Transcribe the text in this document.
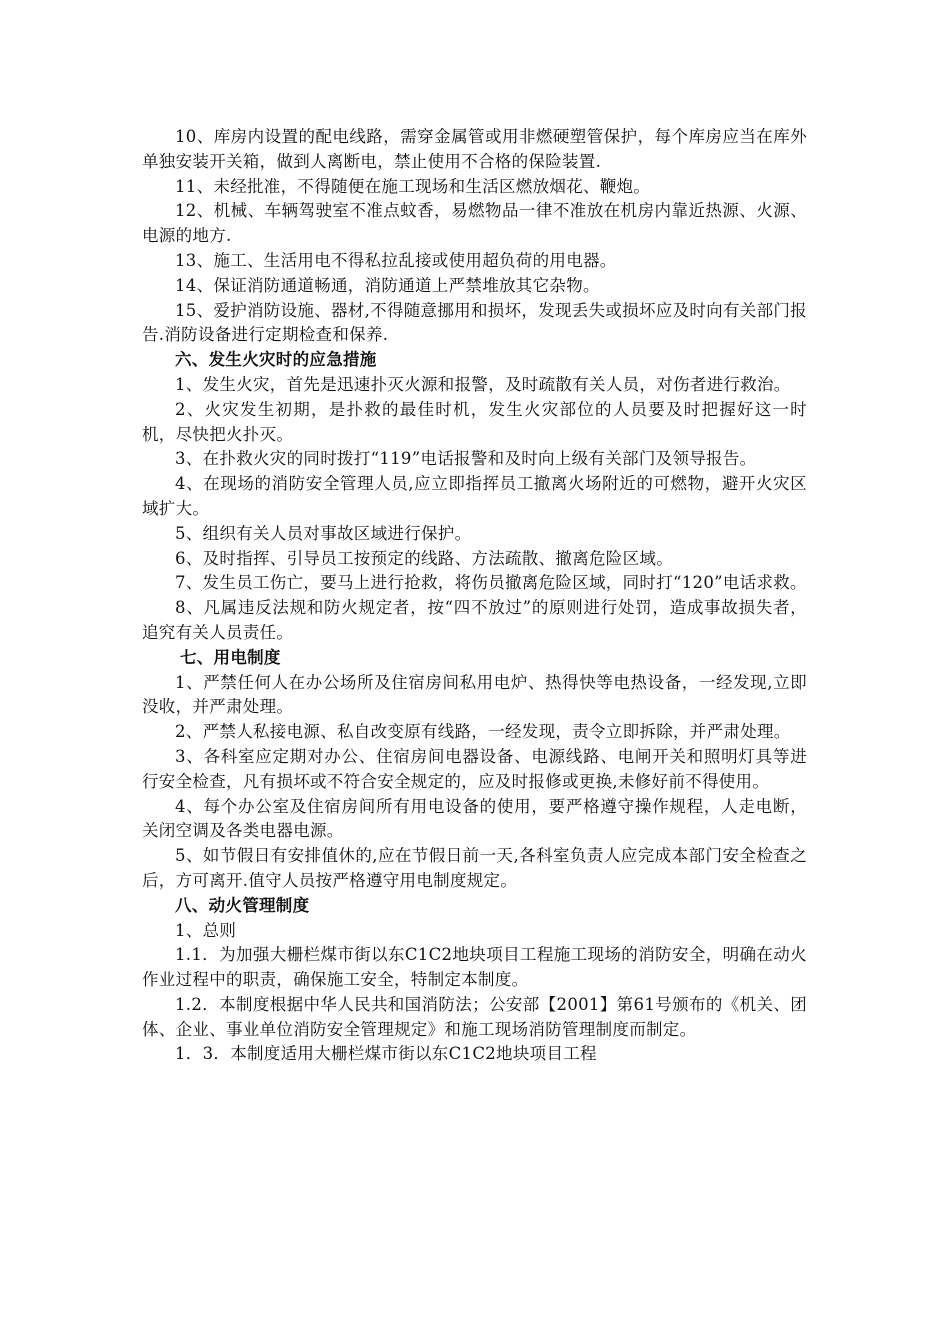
10、库房内设置的配电线路，需穿金属管或用非燃硬塑管保护，每个库房应当在库外单独安装开关箱，做到人离断电，禁止使用不合格的保险装置.

11、未经批准，不得随便在施工现场和生活区燃放烟花、鞭炮。

12、机械、车辆驾驶室不准点蚊香，易燃物品一律不准放在机房内靠近热源、火源、电源的地方.

13、施工、生活用电不得私拉乱接或使用超负荷的用电器。

14、保证消防通道畅通，消防通道上严禁堆放其它杂物。

15、爱护消防设施、器材,不得随意挪用和损坏，发现丢失或损坏应及时向有关部门报告.消防设备进行定期检查和保养.

六、发生火灾时的应急措施

1、发生火灾，首先是迅速扑灭火源和报警，及时疏散有关人员，对伤者进行救治。

2、火灾发生初期，是扑救的最佳时机，发生火灾部位的人员要及时把握好这一时机，尽快把火扑灭。

3、在扑救火灾的同时拨打“119”电话报警和及时向上级有关部门及领导报告。

4、在现场的消防安全管理人员,应立即指挥员工撤离火场附近的可燃物，避开火灾区域扩大。

5、组织有关人员对事故区域进行保护。

6、及时指挥、引导员工按预定的线路、方法疏散、撤离危险区域。

7、发生员工伤亡，要马上进行抢救，将伤员撤离危险区域，同时打“120”电话求救。

8、凡属违反法规和防火规定者，按“四不放过”的原则进行处罚，造成事故损失者，追究有关人员责任。

七、用电制度

1、严禁任何人在办公场所及住宿房间私用电炉、热得快等电热设备，一经发现,立即没收，并严肃处理。

2、严禁人私接电源、私自改变原有线路，一经发现，责令立即拆除，并严肃处理。

3、各科室应定期对办公、住宿房间电器设备、电源线路、电闸开关和照明灯具等进行安全检查，凡有损坏或不符合安全规定的，应及时报修或更换,未修好前不得使用。

4、每个办公室及住宿房间所有用电设备的使用，要严格遵守操作规程，人走电断，关闭空调及各类电器电源。

5、如节假日有安排值休的,应在节假日前一天,各科室负责人应完成本部门安全检查之后，方可离开.值守人员按严格遵守用电制度规定。

八、动火管理制度

1、总则

1.1．为加强大栅栏煤市街以东C1C2地块项目工程施工现场的消防安全，明确在动火作业过程中的职责，确保施工安全，特制定本制度。

1.2．本制度根据中华人民共和国消防法；公安部【2001】第61号颁布的《机关、团体、企业、事业单位消防安全管理规定》和施工现场消防管理制度而制定。

1．3．本制度适用大栅栏煤市街以东C1C2地块项目工程
